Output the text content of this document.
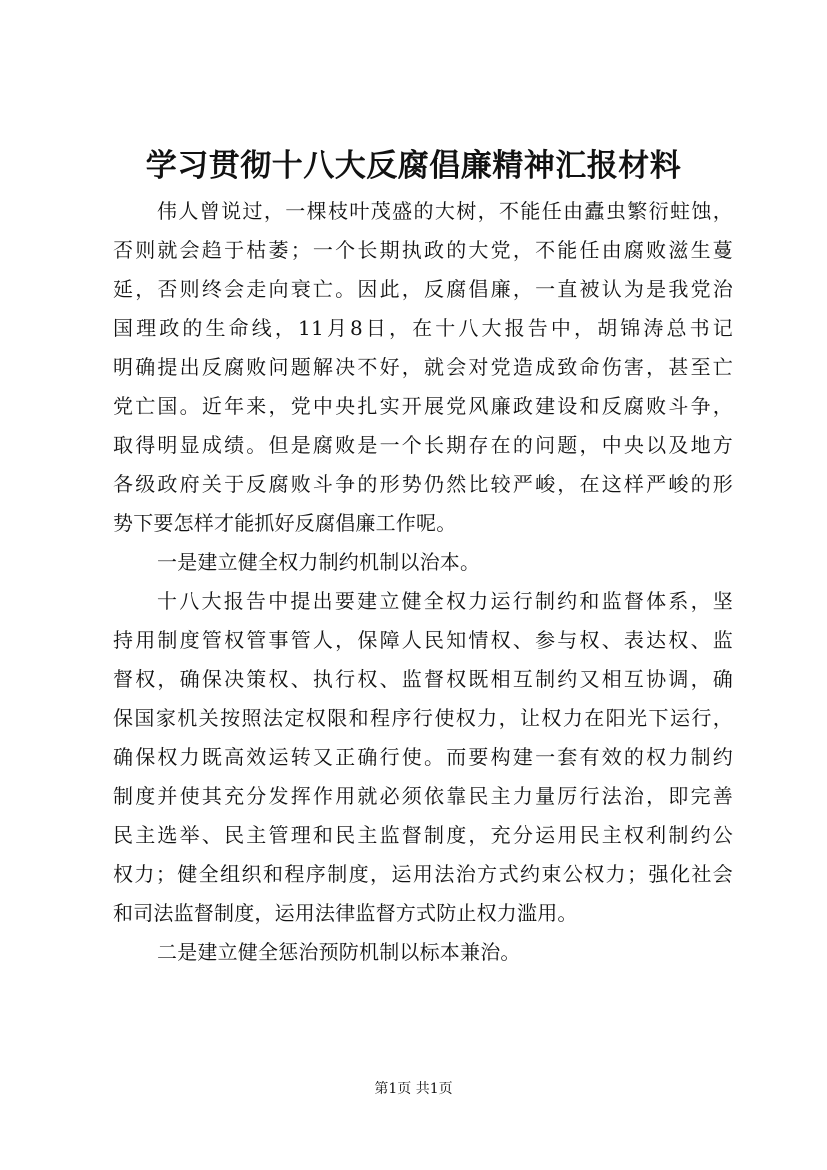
学习贯彻十八大反腐倡廉精神汇报材料
伟人曾说过，一棵枝叶茂盛的大树，不能任由蠹虫繁衍蛀蚀，
否则就会趋于枯萎；一个长期执政的大党，不能任由腐败滋生蔓
延，否则终会走向衰亡。因此，反腐倡廉，一直被认为是我党治
国理政的生命线，11月8日，在十八大报告中，胡锦涛总书记
明确提出反腐败问题解决不好，就会对党造成致命伤害，甚至亡
党亡国。近年来，党中央扎实开展党风廉政建设和反腐败斗争，
取得明显成绩。但是腐败是一个长期存在的问题，中央以及地方
各级政府关于反腐败斗争的形势仍然比较严峻，在这样严峻的形
势下要怎样才能抓好反腐倡廉工作呢。
一是建立健全权力制约机制以治本。
十八大报告中提出要建立健全权力运行制约和监督体系，坚
持用制度管权管事管人，保障人民知情权、参与权、表达权、监
督权，确保决策权、执行权、监督权既相互制约又相互协调，确
保国家机关按照法定权限和程序行使权力，让权力在阳光下运行，
确保权力既高效运转又正确行使。而要构建一套有效的权力制约
制度并使其充分发挥作用就必须依靠民主力量厉行法治，即完善
民主选举、民主管理和民主监督制度，充分运用民主权利制约公
权力；健全组织和程序制度，运用法治方式约束公权力；强化社会
和司法监督制度，运用法律监督方式防止权力滥用。
二是建立健全惩治预防机制以标本兼治。
第1页 共1页
